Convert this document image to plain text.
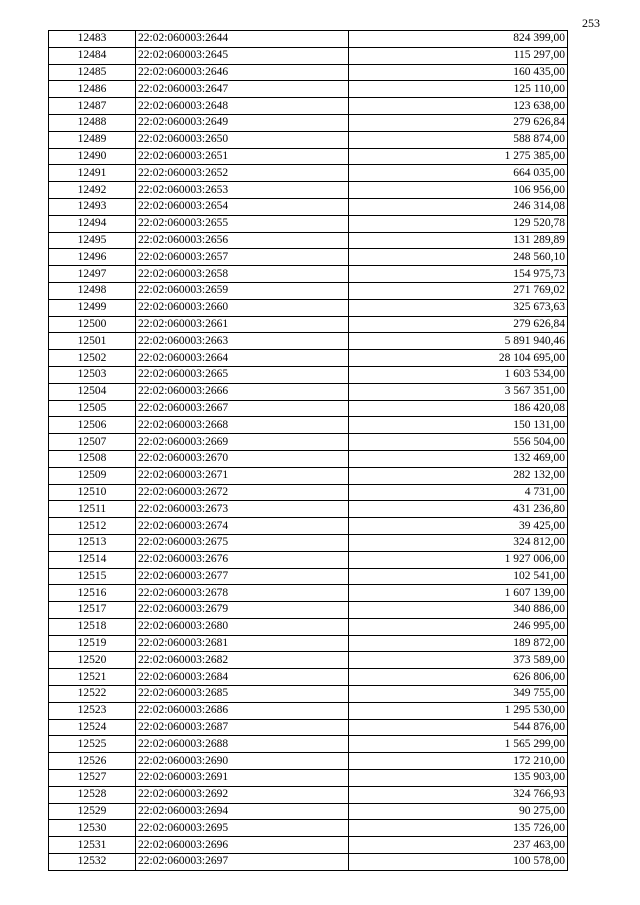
253
12483	22:02:060003:2644	824 399,00
12484	22:02:060003:2645	115 297,00
12485	22:02:060003:2646	160 435,00
12486	22:02:060003:2647	125 110,00
12487	22:02:060003:2648	123 638,00
12488	22:02:060003:2649	279 626,84
12489	22:02:060003:2650	588 874,00
12490	22:02:060003:2651	1 275 385,00
12491	22:02:060003:2652	664 035,00
12492	22:02:060003:2653	106 956,00
12493	22:02:060003:2654	246 314,08
12494	22:02:060003:2655	129 520,78
12495	22:02:060003:2656	131 289,89
12496	22:02:060003:2657	248 560,10
12497	22:02:060003:2658	154 975,73
12498	22:02:060003:2659	271 769,02
12499	22:02:060003:2660	325 673,63
12500	22:02:060003:2661	279 626,84
12501	22:02:060003:2663	5 891 940,46
12502	22:02:060003:2664	28 104 695,00
12503	22:02:060003:2665	1 603 534,00
12504	22:02:060003:2666	3 567 351,00
12505	22:02:060003:2667	186 420,08
12506	22:02:060003:2668	150 131,00
12507	22:02:060003:2669	556 504,00
12508	22:02:060003:2670	132 469,00
12509	22:02:060003:2671	282 132,00
12510	22:02:060003:2672	4 731,00
12511	22:02:060003:2673	431 236,80
12512	22:02:060003:2674	39 425,00
12513	22:02:060003:2675	324 812,00
12514	22:02:060003:2676	1 927 006,00
12515	22:02:060003:2677	102 541,00
12516	22:02:060003:2678	1 607 139,00
12517	22:02:060003:2679	340 886,00
12518	22:02:060003:2680	246 995,00
12519	22:02:060003:2681	189 872,00
12520	22:02:060003:2682	373 589,00
12521	22:02:060003:2684	626 806,00
12522	22:02:060003:2685	349 755,00
12523	22:02:060003:2686	1 295 530,00
12524	22:02:060003:2687	544 876,00
12525	22:02:060003:2688	1 565 299,00
12526	22:02:060003:2690	172 210,00
12527	22:02:060003:2691	135 903,00
12528	22:02:060003:2692	324 766,93
12529	22:02:060003:2694	90 275,00
12530	22:02:060003:2695	135 726,00
12531	22:02:060003:2696	237 463,00
12532	22:02:060003:2697	100 578,00
